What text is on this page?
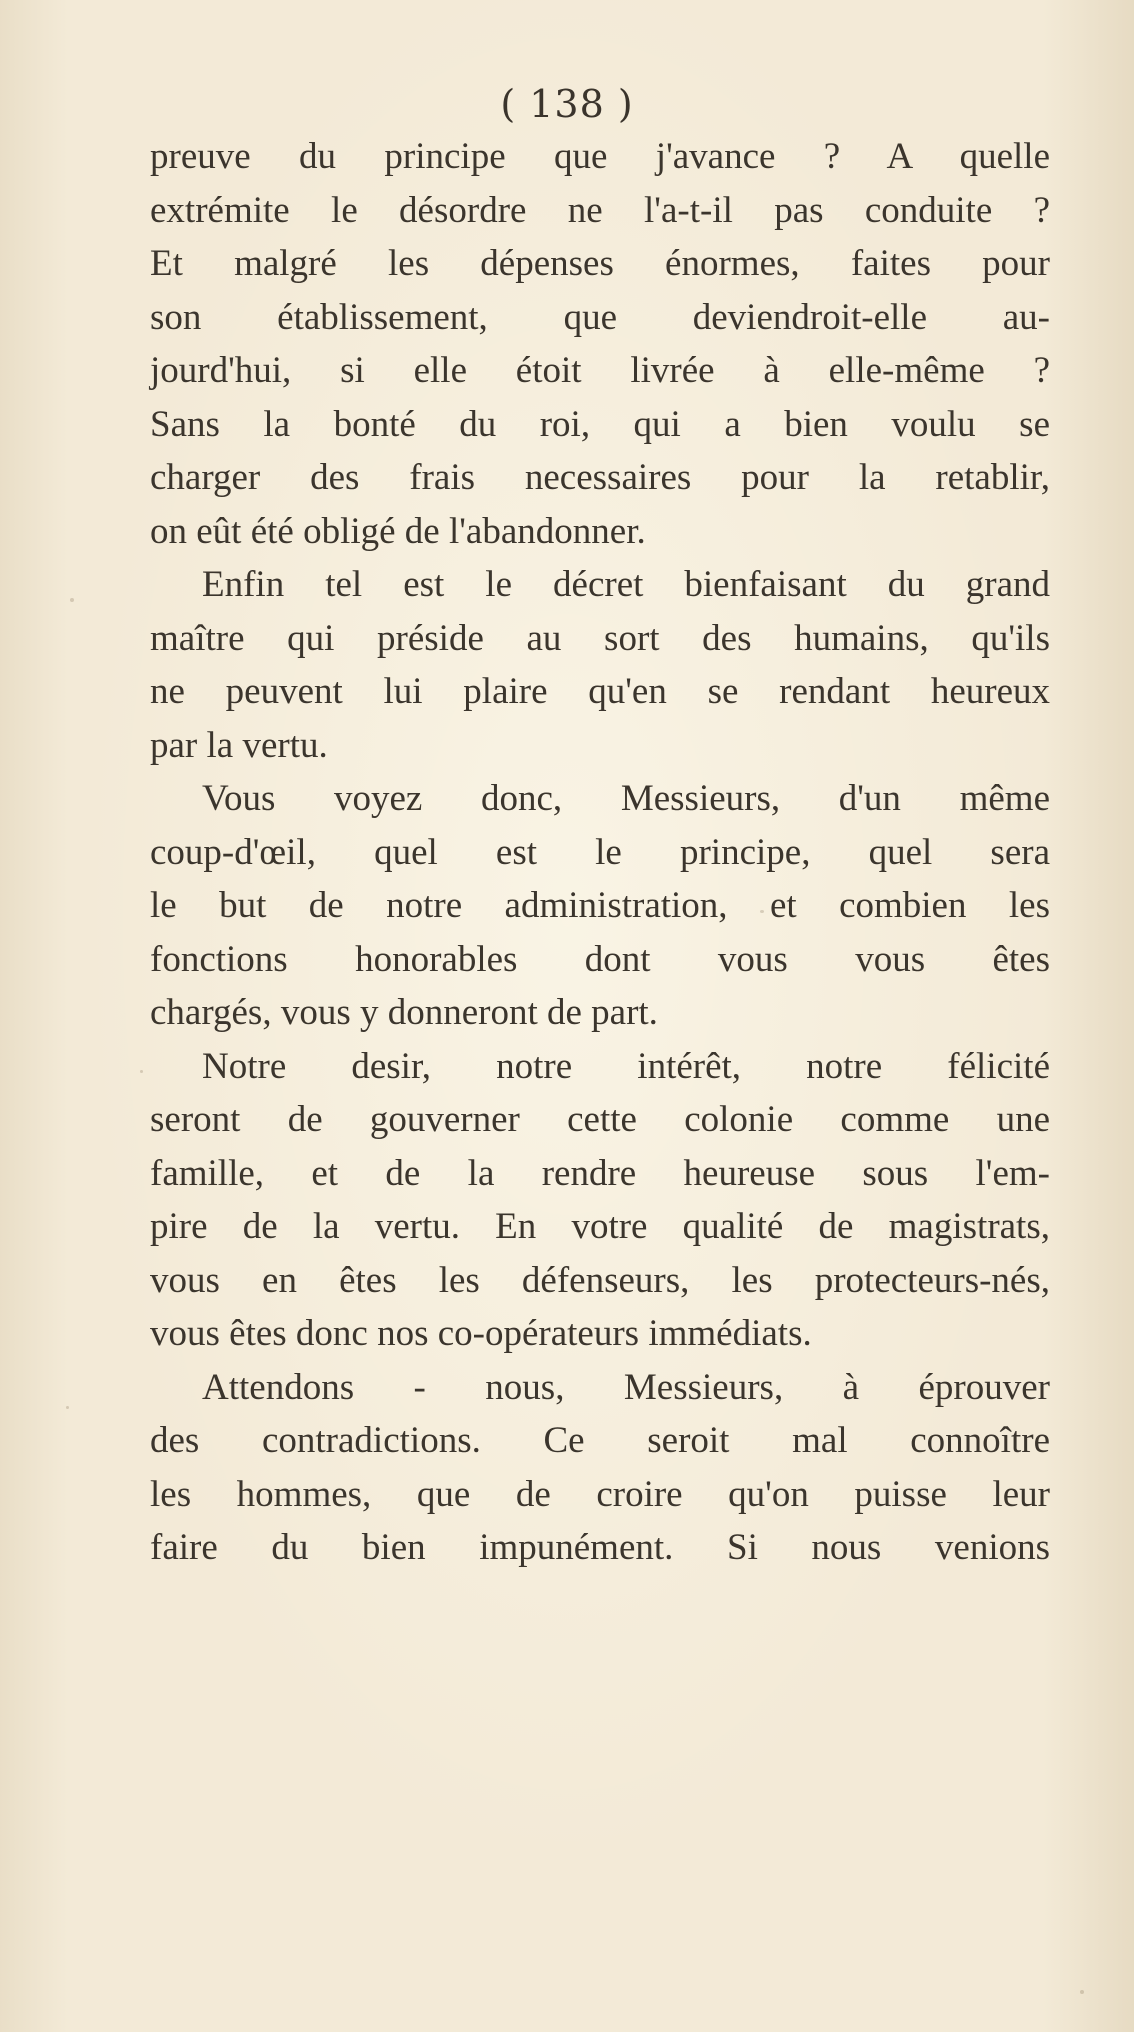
( 138 )
preuve du principe que j'avance ? A quelle
extrémite le désordre ne l'a-t-il pas conduite ?
Et malgré les dépenses énormes, faites pour
son établissement, que deviendroit-elle au-
jourd'hui, si elle étoit livrée à elle-même ?
Sans la bonté du roi, qui a bien voulu se
charger des frais necessaires pour la retablir,
on eût été obligé de l'abandonner.
Enfin tel est le décret bienfaisant du grand
maître qui préside au sort des humains, qu'ils
ne peuvent lui plaire qu'en se rendant heureux
par la vertu.
Vous voyez donc, Messieurs, d'un même
coup-d'œil, quel est le principe, quel sera
le but de notre administration, et combien les
fonctions honorables dont vous vous êtes
chargés, vous y donneront de part.
Notre desir, notre intérêt, notre félicité
seront de gouverner cette colonie comme une
famille, et de la rendre heureuse sous l'em-
pire de la vertu. En votre qualité de magistrats,
vous en êtes les défenseurs, les protecteurs-nés,
vous êtes donc nos co-opérateurs immédiats.
Attendons - nous, Messieurs, à éprouver
des contradictions. Ce seroit mal connoître
les hommes, que de croire qu'on puisse leur
faire du bien impunément. Si nous venions
